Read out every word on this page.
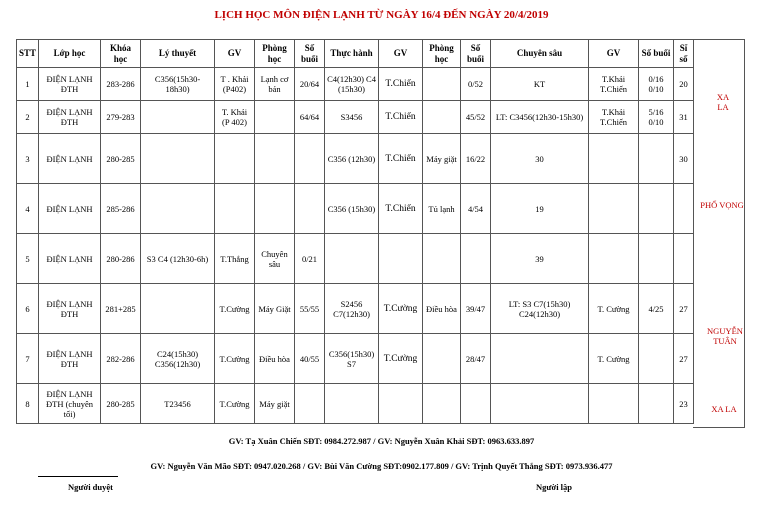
LỊCH HỌC MÔN ĐIỆN LẠNH TỪ NGÀY 16/4 ĐẾN NGÀY 20/4/2019
STT	Lớp học	Khóa học	Lý thuyết	GV	Phòng học	Số buổi	Thực hành	GV	Phòng học	Số buổi	Chuyên sâu	GV	Số buổi	Sĩ số
1	ĐIỆN LẠNH ĐTH	283-286	C356(15h30-18h30)	T . Khải (P402)	Lạnh cơ bản	20/64	C4(12h30) C4 (15h30)	T.Chiến		0/52	KT	T.Khải T.Chiến	0/16 0/10	20
2	ĐIỆN LẠNH ĐTH	279-283		T. Khải (P 402)		64/64	S3456	T.Chiến		45/52	LT: C3456(12h30-15h30)	T.Khải T.Chiến	5/16 0/10	31
3	ĐIỆN LẠNH	280-285					C356 (12h30)	T.Chiến	Máy giặt	16/22	30			30
4	ĐIỆN LẠNH	285-286					C356 (15h30)	T.Chiến	Tủ lạnh	4/54	19			
5	ĐIỆN LẠNH	280-286	S3 C4 (12h30-6h)	T.Thắng	Chuyên sâu	0/21					39			
6	ĐIỆN LẠNH ĐTH	281+285		T.Cường	Máy Giặt	55/55	S2456 C7(12h30)	T.Cường	Điều hòa	39/47	LT: S3 C7(15h30) C24(12h30)	T. Cường	4/25	27
7	ĐIỆN LẠNH ĐTH	282-286	C24(15h30) C356(12h30)	T.Cường	Điều hòa	40/55	C356(15h30) S7	T.Cường		28/47		T. Cường		27
8	ĐIỆN LẠNH ĐTH (chuyên tối)	280-285	T23456	T.Cường	Máy giặt									23
XA LA
PHỐ VỌNG
NGUYỄN TUÂN
XA LA
GV: Tạ Xuân Chiến SĐT: 0984.272.987 / GV: Nguyễn Xuân Khải SĐT: 0963.633.897
GV: Nguyễn Văn Mão SĐT: 0947.020.268 / GV: Bùi Văn Cường SĐT:0902.177.809 / GV: Trịnh Quyết Thắng SĐT: 0973.936.477
Người duyệt	Người lập
